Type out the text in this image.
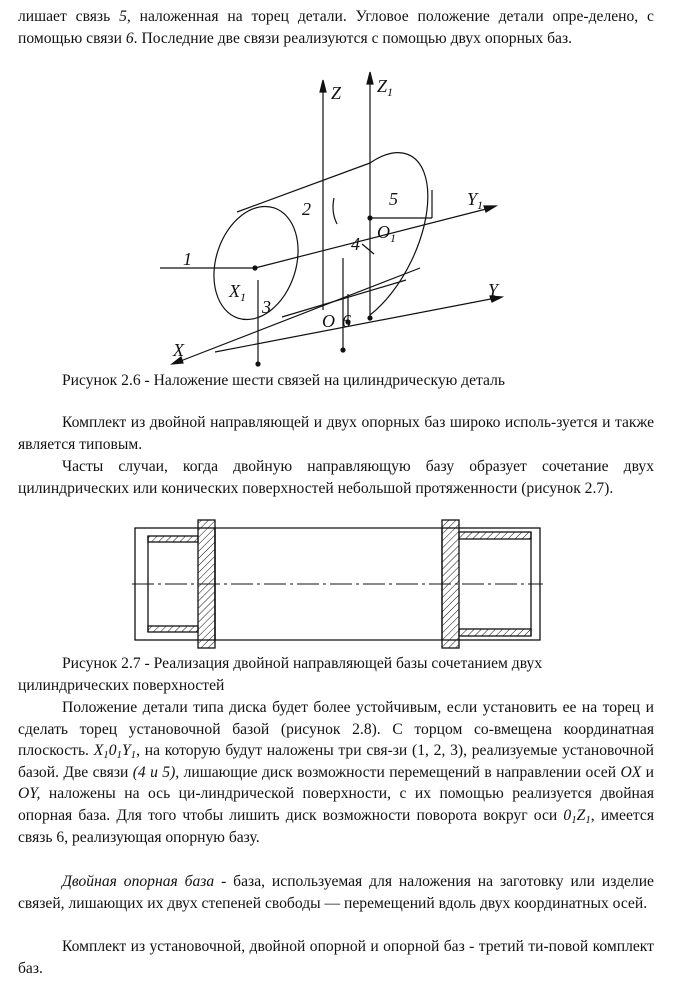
лишает связь 5, наложенная на торец детали. Угловое положение детали опре-делено, с помощью связи 6. Последние две связи реализуются с помощью двух опорных баз.

Z $Z_1$
$Y_1$
Y
X
$X_1$
$O_1$
O
1
2
3
4
5
6

Рисунок 2.6 - Наложение шести связей на цилиндрическую деталь

Комплект из двойной направляющей и двух опорных баз широко исполь-зуется и также является типовым.

Часты случаи, когда двойную направляющую базу образует сочетание двух цилиндрических или конических поверхностей небольшой протяженности (рисунок 2.7).

Рисунок 2.7 - Реализация двойной направляющей базы сочетанием двух цилиндрических поверхностей

Положение детали типа диска будет более устойчивым, если установить ее на торец и сделать торец установочной базой (рисунок 2.8). С торцом со-вмещена координатная плоскость. $X_10_1Y_1$, на которую будут наложены три свя-зи (1, 2, 3), реализуемые установочной базой. Две связи (4 и 5), лишающие диск возможности перемещений в направлении осей OX и OY, наложены на ось ци-линдрической поверхности, с их помощью реализуется двойная опорная база. Для того чтобы лишить диск возможности поворота вокруг оси $0_1Z_1$, имеется связь 6, реализующая опорную базу.

Двойная опорная база - база, используемая для наложения на заготовку или изделие связей, лишающих их двух степеней свободы — перемещений вдоль двух координатных осей.

Комплект из установочной, двойной опорной и опорной баз - третий ти-повой комплект баз.
